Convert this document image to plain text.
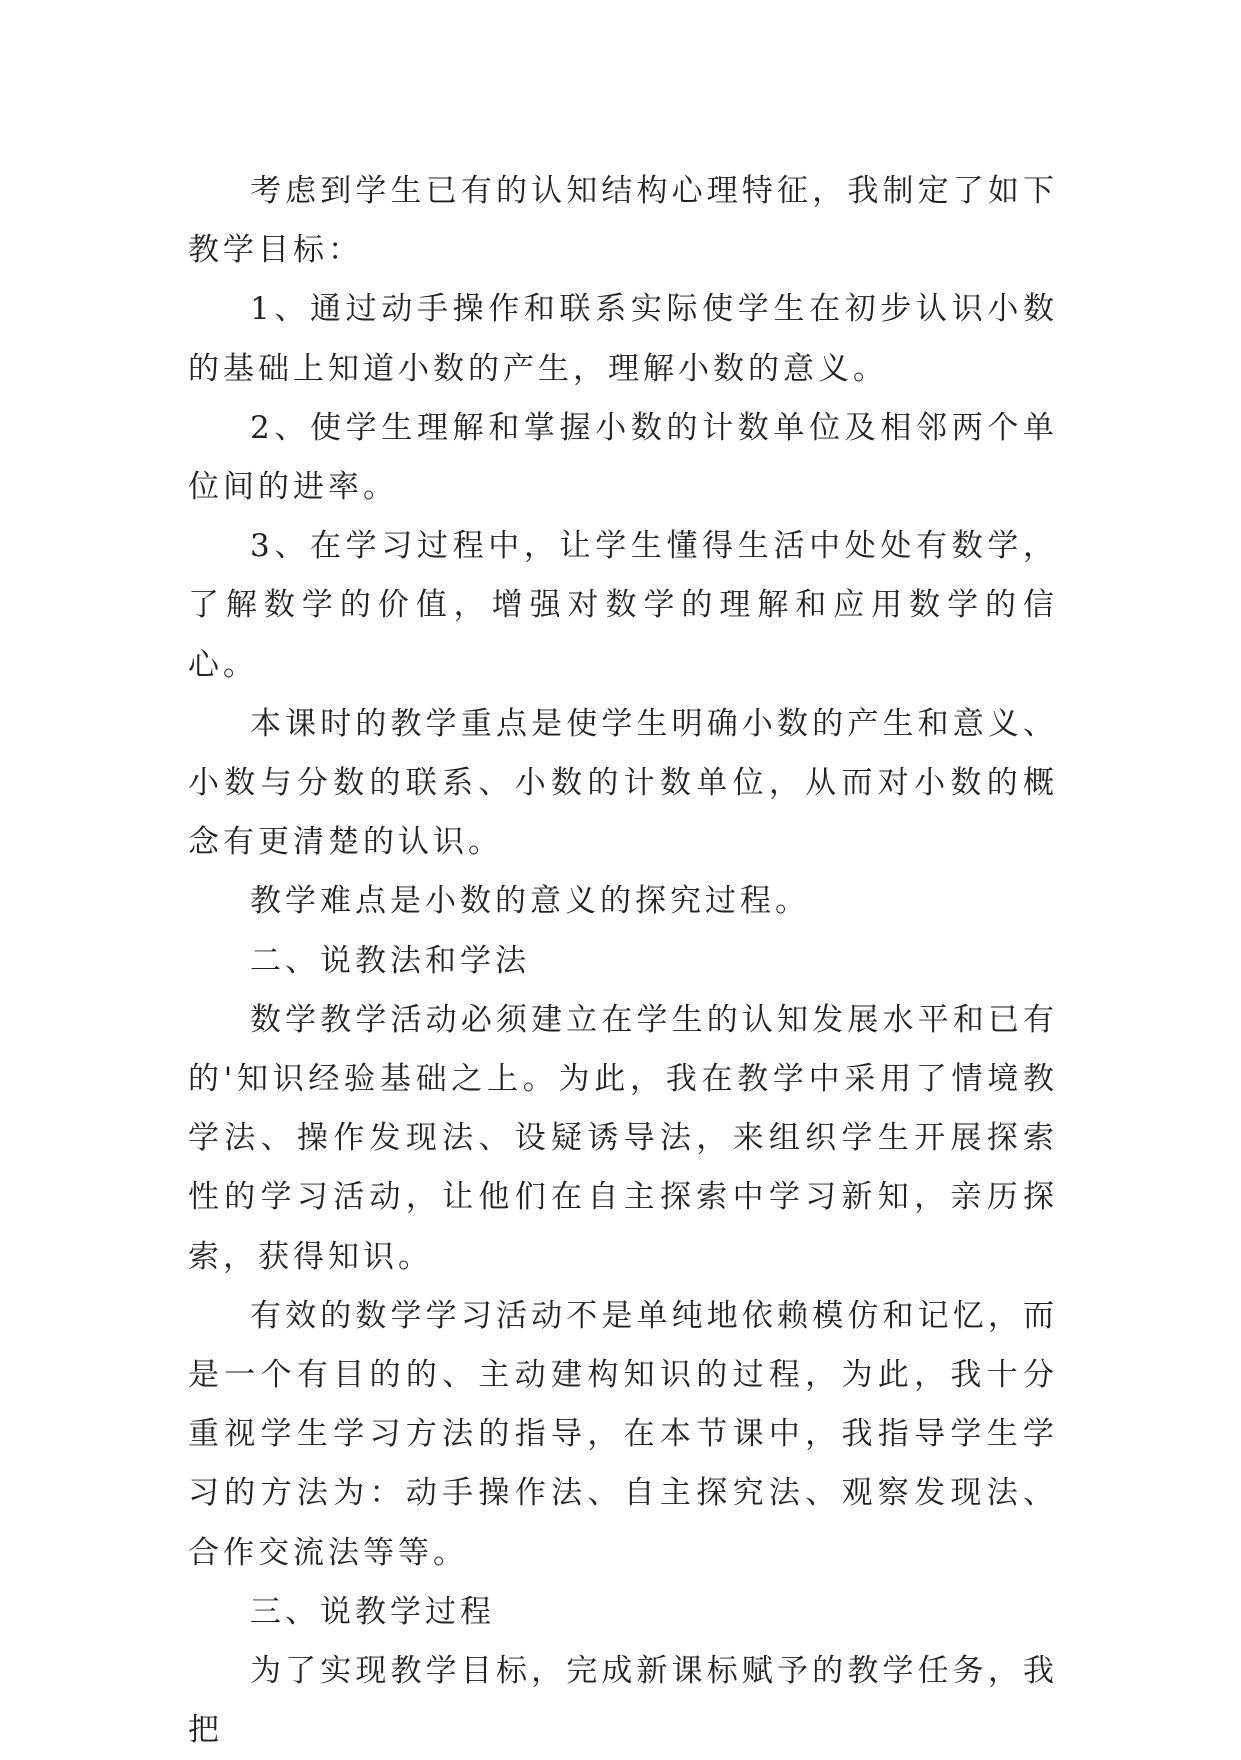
考虑到学生已有的认知结构心理特征，我制定了如下教学目标：

1、通过动手操作和联系实际使学生在初步认识小数的基础上知道小数的产生，理解小数的意义。

2、使学生理解和掌握小数的计数单位及相邻两个单位间的进率。

3、在学习过程中，让学生懂得生活中处处有数学，了解数学的价值，增强对数学的理解和应用数学的信心。

本课时的教学重点是使学生明确小数的产生和意义、小数与分数的联系、小数的计数单位，从而对小数的概念有更清楚的认识。

教学难点是小数的意义的探究过程。

二、说教法和学法

数学教学活动必须建立在学生的认知发展水平和已有的'知识经验基础之上。为此，我在教学中采用了情境教学法、操作发现法、设疑诱导法，来组织学生开展探索性的学习活动，让他们在自主探索中学习新知，亲历探索，获得知识。

有效的数学学习活动不是单纯地依赖模仿和记忆，而是一个有目的的、主动建构知识的过程，为此，我十分重视学生学习方法的指导，在本节课中，我指导学生学习的方法为：动手操作法、自主探究法、观察发现法、合作交流法等等。

三、说教学过程

为了实现教学目标，完成新课标赋予的教学任务，我把
